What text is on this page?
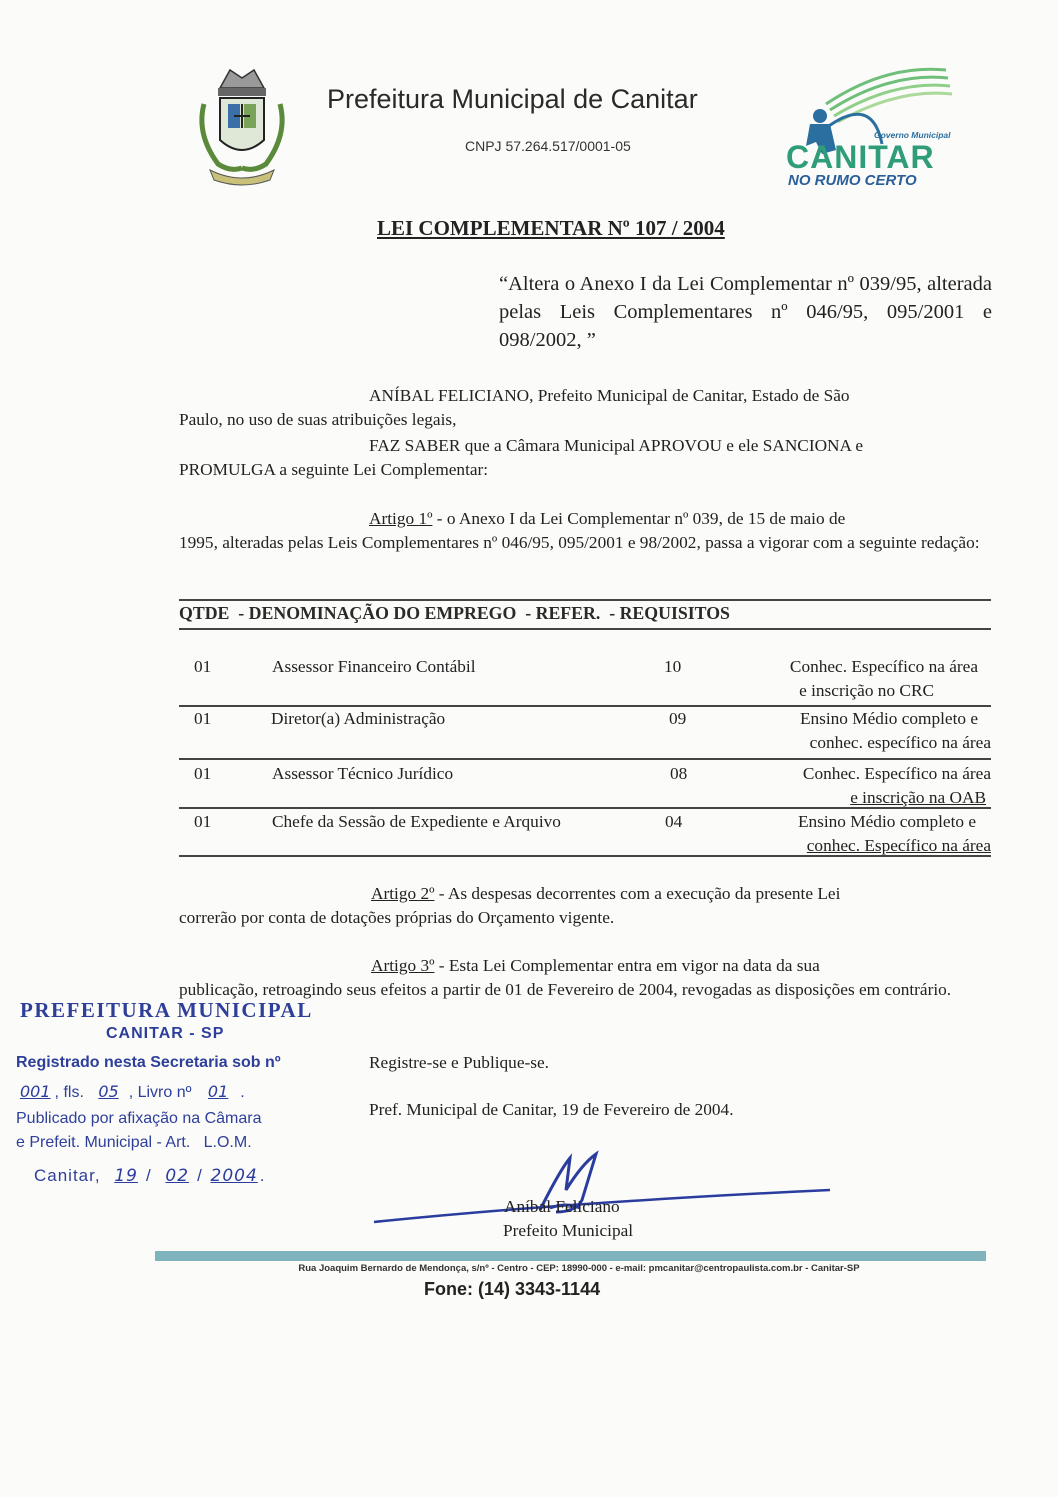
Prefeitura Municipal de Canitar
CNPJ 57.264.517/0001-05
Governo Municipal
CANITAR
NO RUMO CERTO
LEI COMPLEMENTAR Nº 107 / 2004
“Altera o Anexo I da Lei Complementar nº 039/95, alterada pelas Leis Complementares nº 046/95, 095/2001 e 098/2002, ”
ANÍBAL FELICIANO, Prefeito Municipal de Canitar, Estado de São
Paulo, no uso de suas atribuições legais,
FAZ SABER que a Câmara Municipal APROVOU e ele SANCIONA e
PROMULGA a seguinte Lei Complementar:
Artigo 1º - o Anexo I da Lei Complementar nº 039, de 15 de maio de
1995, alteradas pelas Leis Complementares nº 046/95, 095/2001 e 98/2002, passa a vigorar com a seguinte redação:
QTDE  - DENOMINAÇÃO DO EMPREGO  - REFER.  - REQUISITOS
01	Assessor Financeiro Contábil	10	Conhec. Específico na área
e inscrição no CRC
01	Diretor(a) Administração	09	Ensino Médio completo e
conhec. específico na área
01	Assessor Técnico Jurídico	08	Conhec. Específico na área
e inscrição na OAB
01	Chefe da Sessão de Expediente e Arquivo	04	Ensino Médio completo e
conhec. Específico na área
Artigo 2º - As despesas decorrentes com a execução da presente Lei
correrão por conta de dotações próprias do Orçamento vigente.
Artigo 3º - Esta Lei Complementar entra em vigor na data da sua
publicação, retroagindo seus efeitos a partir de 01 de Fevereiro de 2004, revogadas as disposições em contrário.
Registre-se e Publique-se.
Pref. Municipal de Canitar, 19 de Fevereiro de 2004.
Aníbal Feliciano
Prefeito Municipal
PREFEITURA MUNICIPAL
CANITAR - SP
Registrado nesta Secretaria sob nº
001 , fls. 05 , Livro nº 01 .
Publicado por afixação na Câmara
e Prefeit. Municipal - Art.   L.O.M.
Canitar, 19 / 02 / 2004 .
Rua Joaquim Bernardo de Mendonça, s/nº - Centro - CEP: 18990-000 - e-mail: pmcanitar@centropaulista.com.br - Canitar-SP
Fone: (14) 3343-1144
